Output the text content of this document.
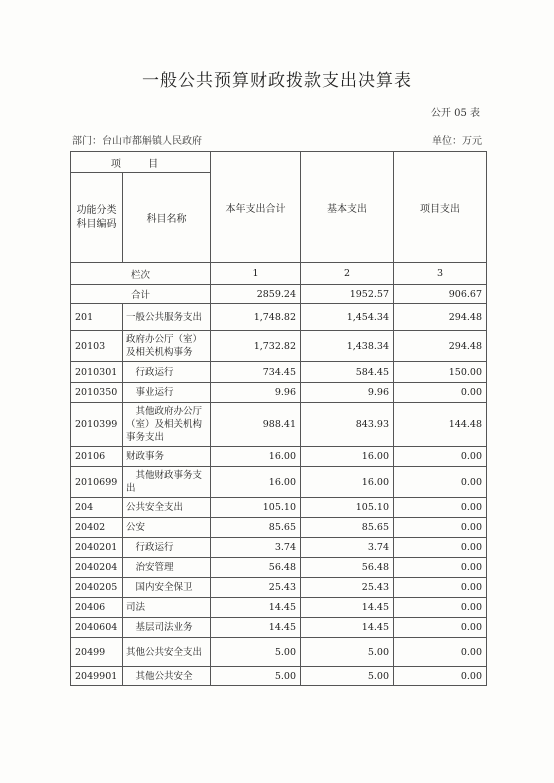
一般公共预算财政拨款支出决算表
公开 05 表
部门：台山市都斛镇人民政府	单位：万元
项 目		本年支出合计	基本支出	项目支出
功能分类科目编码	科目名称			
栏次		1	2	3
合计		2859.24	1952.57	906.67
201	一般公共服务支出	1,748.82	1,454.34	294.48
20103	政府办公厅（室）及相关机构事务	1,732.82	1,438.34	294.48
2010301	行政运行	734.45	584.45	150.00
2010350	事业运行	9.96	9.96	0.00
2010399	其他政府办公厅（室）及相关机构事务支出	988.41	843.93	144.48
20106	财政事务	16.00	16.00	0.00
2010699	其他财政事务支出	16.00	16.00	0.00
204	公共安全支出	105.10	105.10	0.00
20402	公安	85.65	85.65	0.00
2040201	行政运行	3.74	3.74	0.00
2040204	治安管理	56.48	56.48	0.00
2040205	国内安全保卫	25.43	25.43	0.00
20406	司法	14.45	14.45	0.00
2040604	基层司法业务	14.45	14.45	0.00
20499	其他公共安全支出	5.00	5.00	0.00
2049901	其他公共安全	5.00	5.00	0.00
